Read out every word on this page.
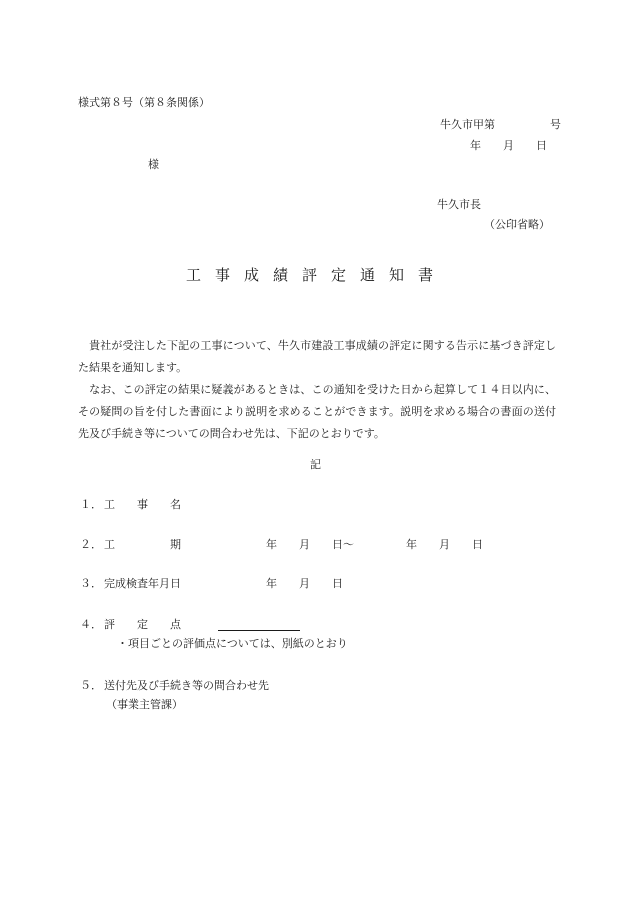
様式第８号（第８条関係）
牛久市甲第　　　　　号
年　　月　　日
様
牛久市長
（公印省略）
工事成績評定通知書
　貴社が受注した下記の工事について、牛久市建設工事成績の評定に関する告示に基づき評定した結果を通知します。
　なお、この評定の結果に疑義があるときは、この通知を受けた日から起算して１４日以内に、その疑問の旨を付した書面により説明を求めることができます。説明を求める場合の書面の送付先及び手続き等についての問合わせ先は、下記のとおりです。
記
１． 工　　事　　名
２． 工　　　　　期	年　　月　　日〜	年　　月　　日
３． 完成検査年月日	年　　月　　日
４． 評　　定　　点
・項目ごとの評価点については、別紙のとおり
５． 送付先及び手続き等の問合わせ先
（事業主管課）
